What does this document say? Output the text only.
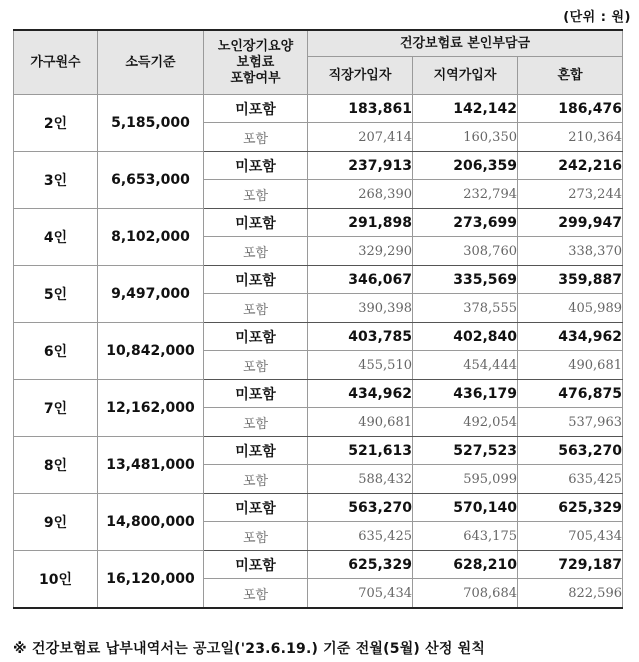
(단위 : 원)
가구원수	소득기준	노인장기요양
보험료
포함여부	건강보험료 본인부담금		
			직장가입자	지역가입자	혼합
2인	5,185,000	미포함	183,861	142,142	186,476
		포함	207,414	160,350	210,364
3인	6,653,000	미포함	237,913	206,359	242,216
		포함	268,390	232,794	273,244
4인	8,102,000	미포함	291,898	273,699	299,947
		포함	329,290	308,760	338,370
5인	9,497,000	미포함	346,067	335,569	359,887
		포함	390,398	378,555	405,989
6인	10,842,000	미포함	403,785	402,840	434,962
		포함	455,510	454,444	490,681
7인	12,162,000	미포함	434,962	436,179	476,875
		포함	490,681	492,054	537,963
8인	13,481,000	미포함	521,613	527,523	563,270
		포함	588,432	595,099	635,425
9인	14,800,000	미포함	563,270	570,140	625,329
		포함	635,425	643,175	705,434
10인	16,120,000	미포함	625,329	628,210	729,187
		포함	705,434	708,684	822,596
※ 건강보험료 납부내역서는 공고일('23.6.19.) 기준 전월(5월) 산정 원칙
